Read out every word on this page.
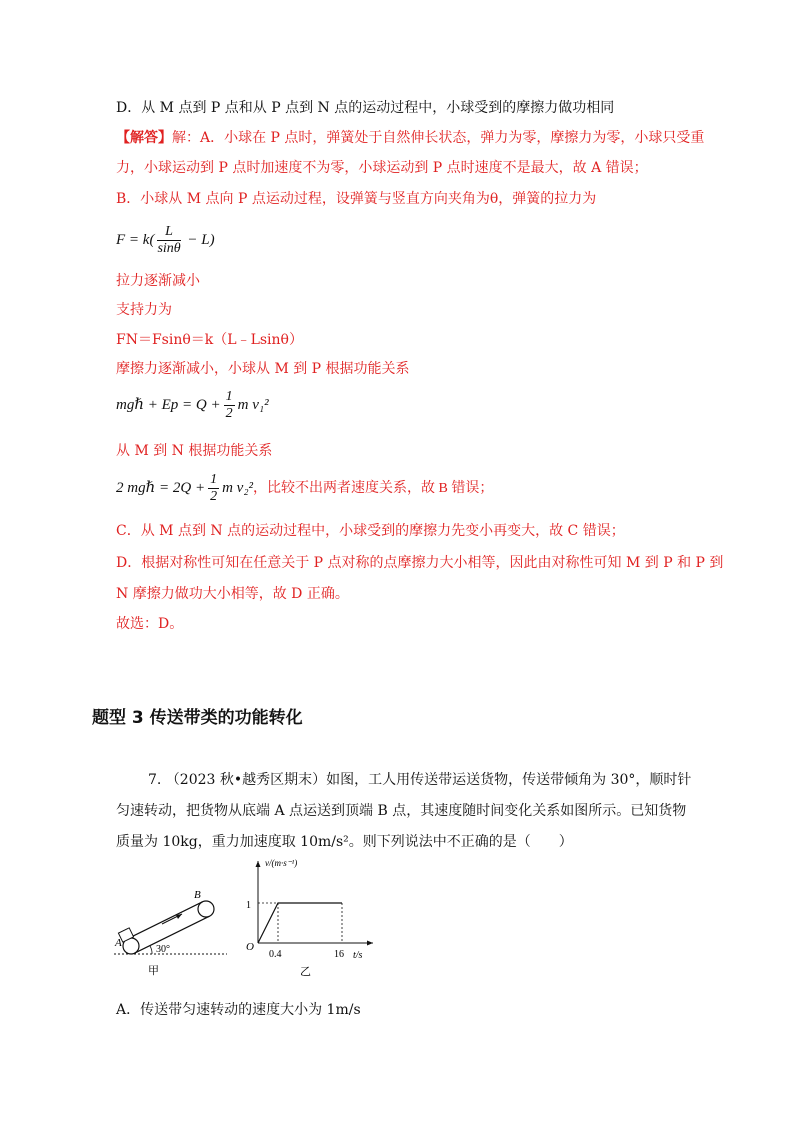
D．从 M 点到 P 点和从 P 点到 N 点的运动过程中，小球受到的摩擦力做功相同
【解答】解：A．小球在 P 点时，弹簧处于自然伸长状态，弹力为零，摩擦力为零，小球只受重
力，小球运动到 P 点时加速度不为零，小球运动到 P 点时速度不是最大，故 A 错误；
B．小球从 M 点向 P 点运动过程，设弹簧与竖直方向夹角为θ，弹簧的拉力为
$F = k( \frac{L}{\sin\theta} - L)$
拉力逐渐减小
支持力为
FN＝Fsinθ＝k（L﹣Lsinθ）
摩擦力逐渐减小，小球从 M 到 P 根据功能关系
mgℏ + $Ep = Q + \frac{1}{2}$ m v₁²
从 M 到 N 根据功能关系
2 mgℏ = $2Q + \frac{1}{2}$ m v₂²，比较不出两者速度关系，故 B 错误；
C．从 M 点到 N 点的运动过程中，小球受到的摩擦力先变小再变大，故 C 错误；
D．根据对称性可知在任意关于 P 点对称的点摩擦力大小相等，因此由对称性可知 M 到 P 和 P 到
N 摩擦力做功大小相等，故 D 正确。
故选：D。
题型 3 传送带类的功能转化
7. （2023 秋•越秀区期末）如图，工人用传送带运送货物，传送带倾角为 30°，顺时针
匀速转动，把货物从底端 A 点运送到顶端 B 点，其速度随时间变化关系如图所示。已知货物
质量为 10kg，重力加速度取 10m/s²。则下列说法中不正确的是（　　）
A
B
30°
甲
v/(m·s⁻¹)
t/s
O
1
0.4	16
乙
A．传送带匀速转动的速度大小为 1m/s
